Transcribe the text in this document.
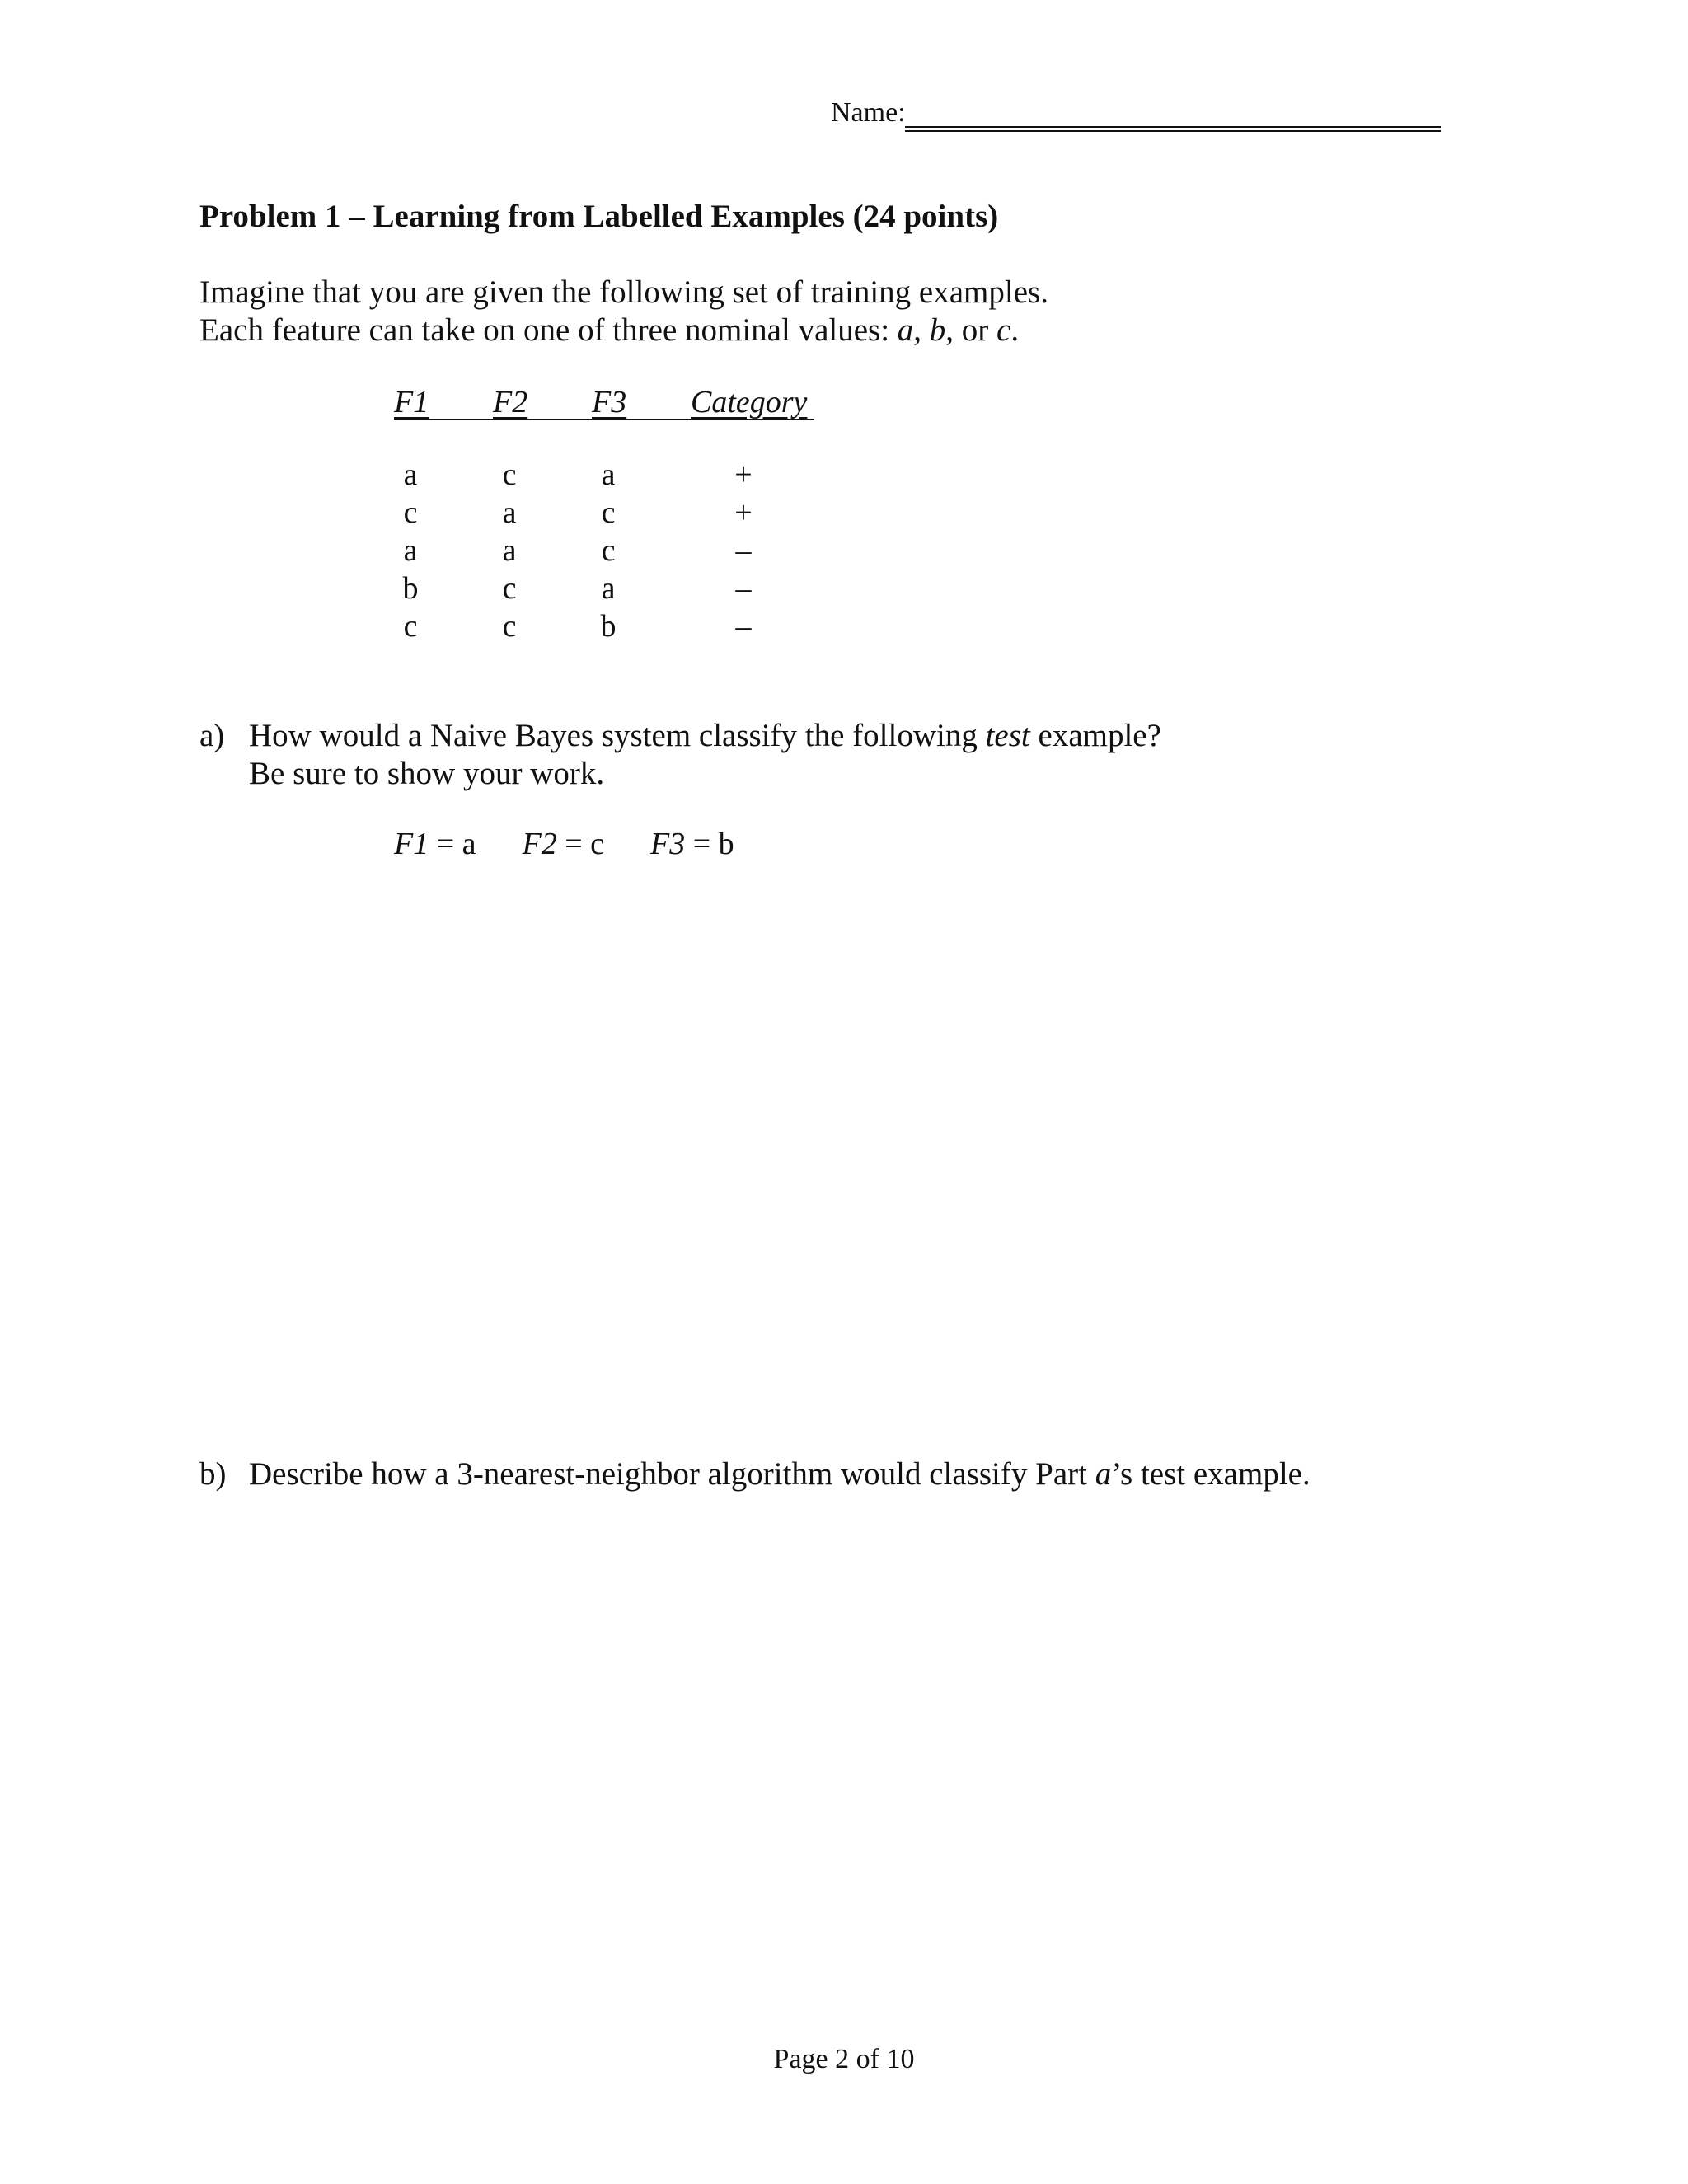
Name:
Problem 1 – Learning from Labelled Examples (24 points)
Imagine that you are given the following set of training examples.
Each feature can take on one of three nominal values: a, b, or c.
F1 F2 F3 Category
a	c	a	+
c	a	c	+
a	a	c	–
b	c	a	–
c	c	b	–
a) How would a Naive Bayes system classify the following test example?
Be sure to show your work.
F1 = a F2 = c F3 = b
b) Describe how a 3-nearest-neighbor algorithm would classify Part a’s test example.
Page 2 of 10
